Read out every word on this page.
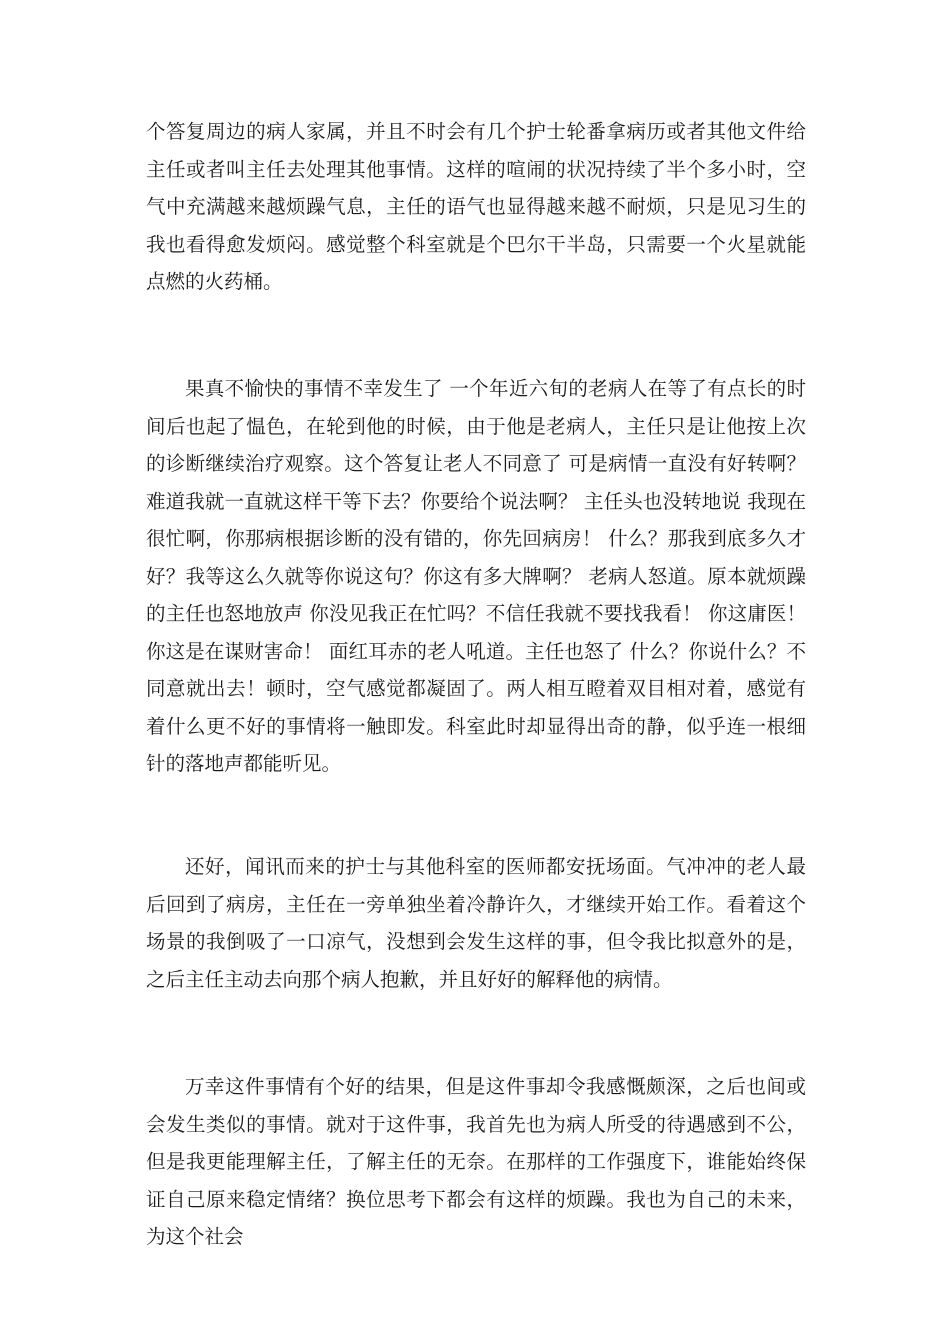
个答复周边的病人家属，并且不时会有几个护士轮番拿病历或者其他文件给主任或者叫主任去处理其他事情。这样的喧闹的状况持续了半个多小时，空气中充满越来越烦躁气息，主任的语气也显得越来越不耐烦，只是见习生的我也看得愈发烦闷。感觉整个科室就是个巴尔干半岛，只需要一个火星就能点燃的火药桶。

果真不愉快的事情不幸发生了 一个年近六旬的老病人在等了有点长的时间后也起了愠色，在轮到他的时候，由于他是老病人，主任只是让他按上次的诊断继续治疗观察。这个答复让老人不同意了 可是病情一直没有好转啊？难道我就一直就这样干等下去？你要给个说法啊？ 主任头也没转地说 我现在很忙啊，你那病根据诊断的没有错的，你先回病房！ 什么？那我到底多久才好？我等这么久就等你说这句？你这有多大牌啊？ 老病人怒道。原本就烦躁的主任也怒地放声 你没见我正在忙吗？不信任我就不要找我看！ 你这庸医！你这是在谋财害命！ 面红耳赤的老人吼道。主任也怒了 什么？你说什么？不同意就出去！顿时，空气感觉都凝固了。两人相互瞪着双目相对着，感觉有着什么更不好的事情将一触即发。科室此时却显得出奇的静，似乎连一根细针的落地声都能听见。

还好，闻讯而来的护士与其他科室的医师都安抚场面。气冲冲的老人最后回到了病房，主任在一旁单独坐着冷静许久，才继续开始工作。看着这个场景的我倒吸了一口凉气，没想到会发生这样的事，但令我比拟意外的是，之后主任主动去向那个病人抱歉，并且好好的解释他的病情。

万幸这件事情有个好的结果，但是这件事却令我感慨颇深，之后也间或会发生类似的事情。就对于这件事，我首先也为病人所受的待遇感到不公，但是我更能理解主任，了解主任的无奈。在那样的工作强度下，谁能始终保证自己原来稳定情绪？换位思考下都会有这样的烦躁。我也为自己的未来，为这个社会
